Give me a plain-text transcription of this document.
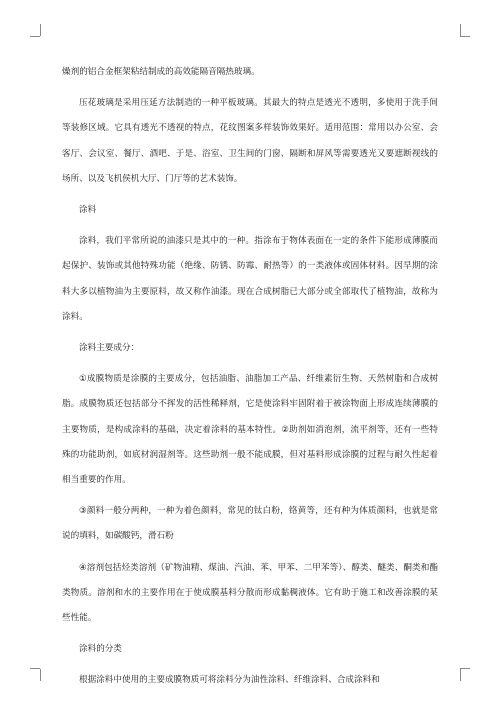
燥剂的铝合金框架粘结制成的高效能隔音隔热玻璃。

压花玻璃是采用压延方法制造的一种平板玻璃。其最大的特点是透光不透明，多使用于洗手间等装修区域。它具有透光不透视的特点，花纹图案多样装饰效果好。适用范围：常用以办公室、会客厅、会议室、餐厅、酒吧、于是、浴室、卫生间的门窗、隔断和屏风等需要透光又要遮断视线的场所、以及飞机侯机大厅、门厅等的艺术装饰。

涂料

涂料，我们平常所说的油漆只是其中的一种。指涂布于物体表面在一定的条件下能形成薄膜而起保护、装饰或其他特殊功能（绝缘、防锈、防霉、耐热等）的一类液体或固体材料。因早期的涂料大多以植物油为主要原料，故又称作油漆。现在合成树脂已大部分或全部取代了植物油，故称为涂料。

涂料主要成分：

①成膜物质是涂膜的主要成分，包括油脂、油脂加工产品、纤维素衍生物、天然树脂和合成树脂。成膜物质还包括部分不挥发的活性稀释剂，它是使涂料牢固附着于被涂物面上形成连续薄膜的主要物质，是构成涂料的基础，决定着涂料的基本特性。②助剂如消泡剂，流平剂等，还有一些特殊的功能助剂，如底材润湿剂等。这些助剂一般不能成膜，但对基料形成涂膜的过程与耐久性起着相当重要的作用。

③颜料一般分两种，一种为着色颜料，常见的钛白粉，铬黄等，还有种为体质颜料，也就是常说的填料，如碳酸钙，滑石粉

④溶剂包括烃类溶剂（矿物油精、煤油、汽油、苯、甲苯、二甲苯等）、醇类、醚类、酮类和酯类物质。溶剂和水的主要作用在于使成膜基料分散而形成黏稠液体。它有助于施工和改善涂膜的某些性能。

涂料的分类

根据涂料中使用的主要成膜物质可将涂料分为油性涂料、纤维涂料、合成涂料和
